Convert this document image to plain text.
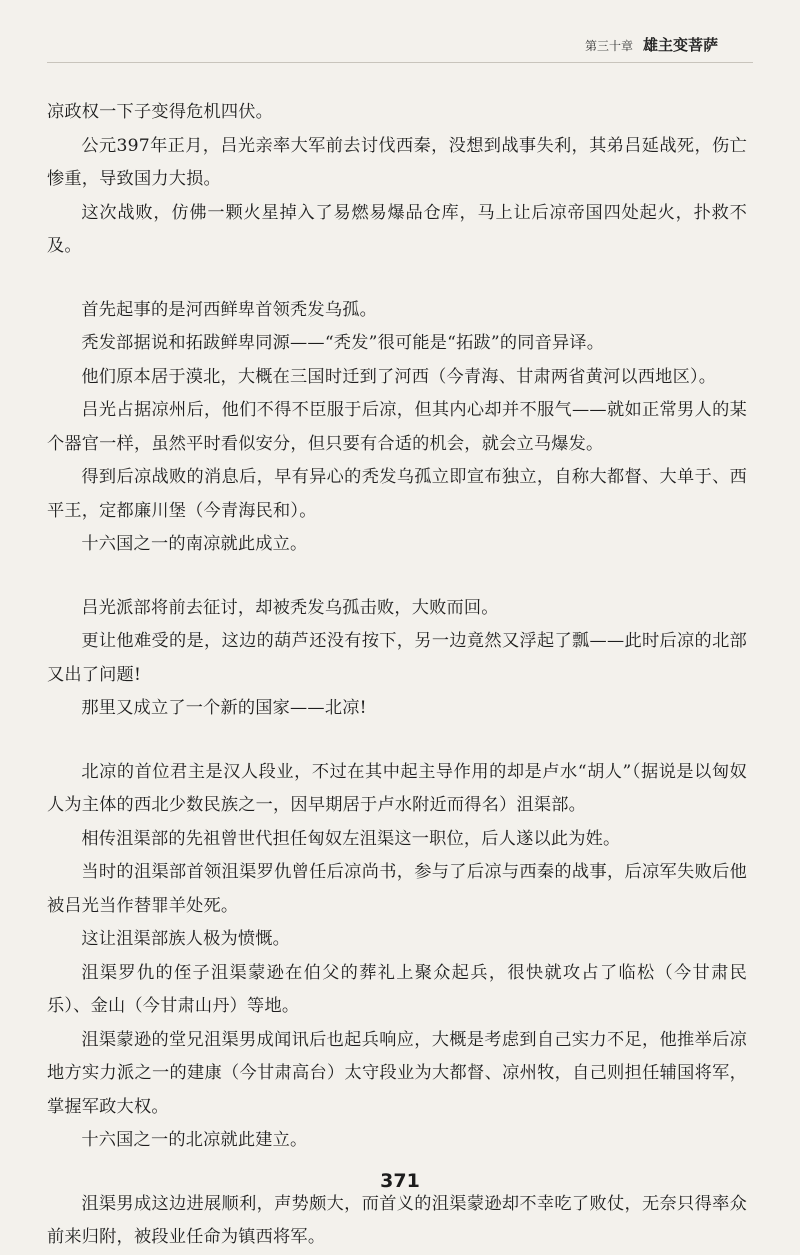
第三十章 雄主变菩萨

凉政权一下子变得危机四伏。

公元397年正月，吕光亲率大军前去讨伐西秦，没想到战事失利，其弟吕延战死，伤亡惨重，导致国力大损。

这次战败，仿佛一颗火星掉入了易燃易爆品仓库，马上让后凉帝国四处起火，扑救不及。

首先起事的是河西鲜卑首领秃发乌孤。

秃发部据说和拓跋鲜卑同源——“秃发”很可能是“拓跋”的同音异译。

他们原本居于漠北，大概在三国时迁到了河西（今青海、甘肃两省黄河以西地区）。

吕光占据凉州后，他们不得不臣服于后凉，但其内心却并不服气——就如正常男人的某个器官一样，虽然平时看似安分，但只要有合适的机会，就会立马爆发。

得到后凉战败的消息后，早有异心的秃发乌孤立即宣布独立，自称大都督、大单于、西平王，定都廉川堡（今青海民和）。

十六国之一的南凉就此成立。

吕光派部将前去征讨，却被秃发乌孤击败，大败而回。

更让他难受的是，这边的葫芦还没有按下，另一边竟然又浮起了瓢——此时后凉的北部又出了问题!

那里又成立了一个新的国家——北凉!

北凉的首位君主是汉人段业，不过在其中起主导作用的却是卢水“胡人”（据说是以匈奴人为主体的西北少数民族之一，因早期居于卢水附近而得名）沮渠部。

相传沮渠部的先祖曾世代担任匈奴左沮渠这一职位，后人遂以此为姓。

当时的沮渠部首领沮渠罗仇曾任后凉尚书，参与了后凉与西秦的战事，后凉军失败后他被吕光当作替罪羊处死。

这让沮渠部族人极为愤慨。

沮渠罗仇的侄子沮渠蒙逊在伯父的葬礼上聚众起兵，很快就攻占了临松（今甘肃民乐）、金山（今甘肃山丹）等地。

沮渠蒙逊的堂兄沮渠男成闻讯后也起兵响应，大概是考虑到自己实力不足，他推举后凉地方实力派之一的建康（今甘肃高台）太守段业为大都督、凉州牧，自己则担任辅国将军，掌握军政大权。

十六国之一的北凉就此建立。

沮渠男成这边进展顺利，声势颇大，而首义的沮渠蒙逊却不幸吃了败仗，无奈只得率众前来归附，被段业任命为镇西将军。

371
